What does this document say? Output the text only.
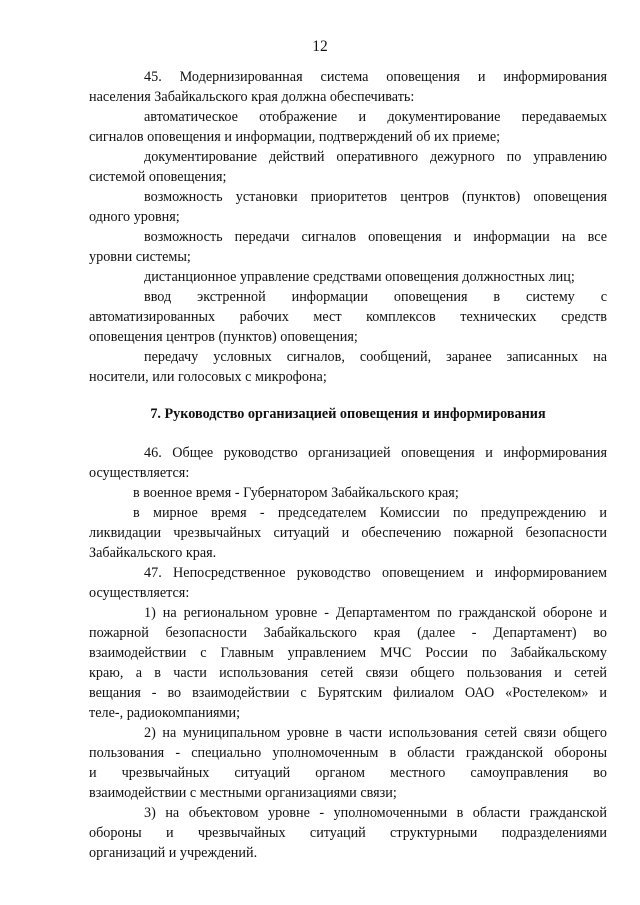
12
45. Модернизированная система оповещения и информирования
населения Забайкальского края должна обеспечивать:
автоматическое отображение и документирование передаваемых
сигналов оповещения и информации, подтверждений об их приеме;
документирование действий оперативного дежурного по управлению
системой оповещения;
возможность установки приоритетов центров (пунктов) оповещения
одного уровня;
возможность передачи сигналов оповещения и информации на все
уровни системы;
дистанционное управление средствами оповещения должностных лиц;
ввод экстренной информации оповещения в систему с
автоматизированных рабочих мест комплексов технических средств
оповещения центров (пунктов) оповещения;
передачу условных сигналов, сообщений, заранее записанных на
носители, или голосовых с микрофона;
7. Руководство организацией оповещения и информирования
46. Общее руководство организацией оповещения и информирования
осуществляется:
в военное время - Губернатором Забайкальского края;
в мирное время - председателем Комиссии по предупреждению и
ликвидации чрезвычайных ситуаций и обеспечению пожарной безопасности
Забайкальского края.
47. Непосредственное руководство оповещением и информированием
осуществляется:
1) на региональном уровне - Департаментом по гражданской обороне и
пожарной безопасности Забайкальского края (далее - Департамент) во
взаимодействии с Главным управлением МЧС России по Забайкальскому
краю, а в части использования сетей связи общего пользования и сетей
вещания - во взаимодействии с Бурятским филиалом ОАО «Ростелеком» и
теле-, радиокомпаниями;
2) на муниципальном уровне в части использования сетей связи общего
пользования - специально уполномоченным в области гражданской обороны
и чрезвычайных ситуаций органом местного самоуправления во
взаимодействии с местными организациями связи;
3) на объектовом уровне - уполномоченными в области гражданской
обороны и чрезвычайных ситуаций структурными подразделениями
организаций и учреждений.
